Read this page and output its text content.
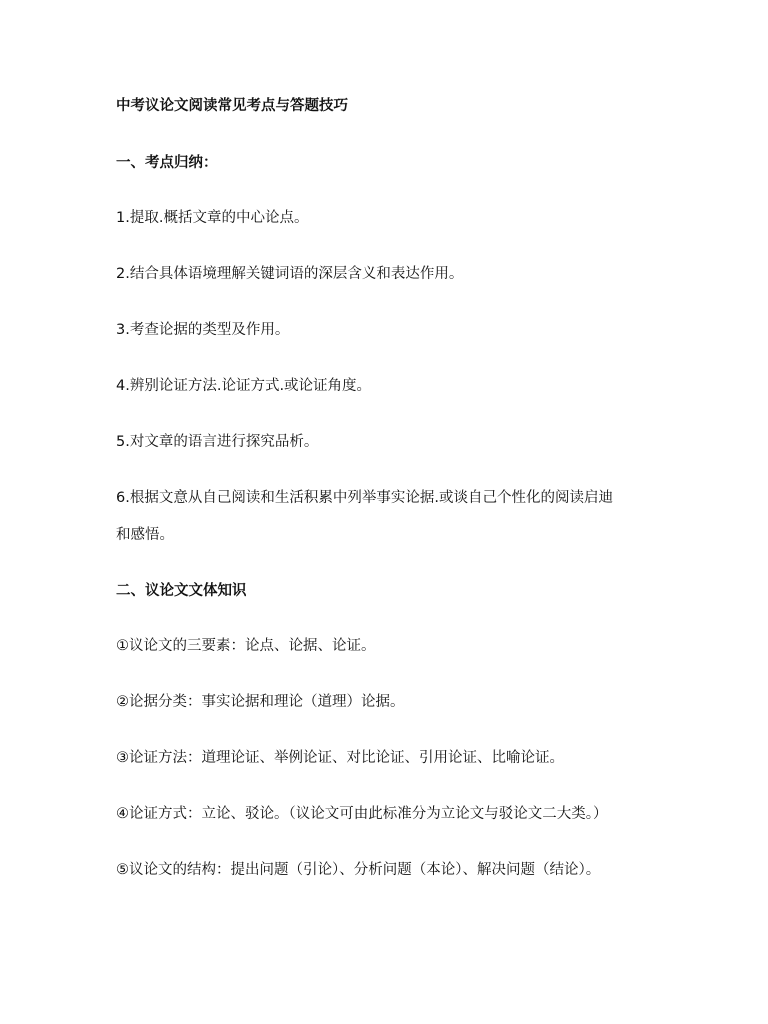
中考议论文阅读常见考点与答题技巧
一、考点归纳：
1.提取.概括文章的中心论点。
2.结合具体语境理解关键词语的深层含义和表达作用。
3.考查论据的类型及作用。
4.辨别论证方法.论证方式.或论证角度。
5.对文章的语言进行探究品析。
6.根据文意从自己阅读和生活积累中列举事实论据.或谈自己个性化的阅读启迪
和感悟。
二、议论文文体知识
①议论文的三要素：论点、论据、论证。
②论据分类：事实论据和理论（道理）论据。
③论证方法：道理论证、举例论证、对比论证、引用论证、比喻论证。
④论证方式：立论、驳论。（议论文可由此标准分为立论文与驳论文二大类。）
⑤议论文的结构：提出问题（引论）、分析问题（本论）、解决问题（结论）。
